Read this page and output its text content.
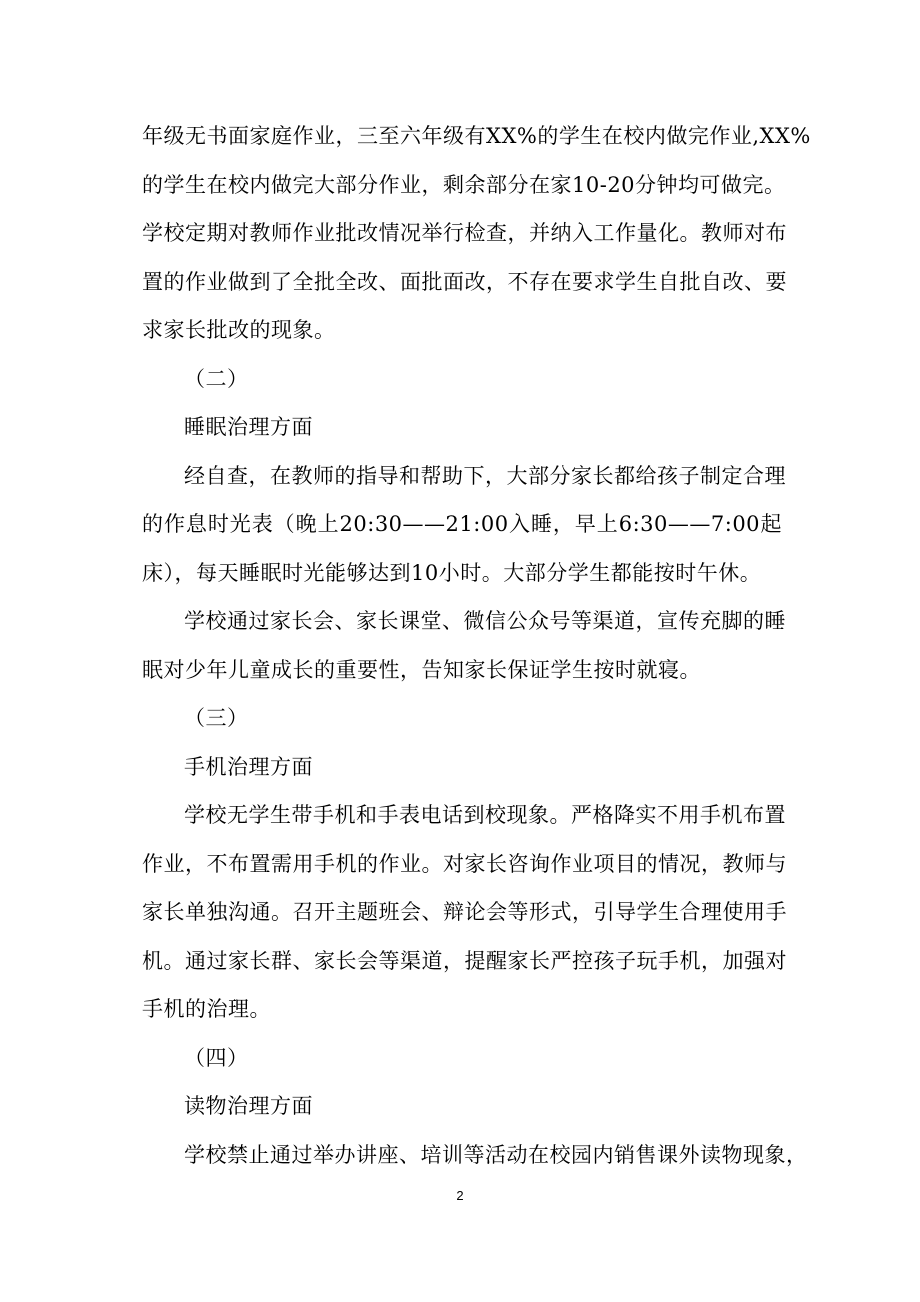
年级无书面家庭作业，三至六年级有XX%的学生在校内做完作业,XX%
的学生在校内做完大部分作业，剩余部分在家10-20分钟均可做完。
学校定期对教师作业批改情况举行检查，并纳入工作量化。教师对布
置的作业做到了全批全改、面批面改，不存在要求学生自批自改、要
求家长批改的现象。
（二）
睡眠治理方面
经自查，在教师的指导和帮助下，大部分家长都给孩子制定合理
的作息时光表（晚上20:30——21:00入睡，早上6:30——7:00起
床），每天睡眠时光能够达到10小时。大部分学生都能按时午休。
学校通过家长会、家长课堂、微信公众号等渠道，宣传充脚的睡
眠对少年儿童成长的重要性，告知家长保证学生按时就寝。
（三）
手机治理方面
学校无学生带手机和手表电话到校现象。严格降实不用手机布置
作业，不布置需用手机的作业。对家长咨询作业项目的情况，教师与
家长单独沟通。召开主题班会、辩论会等形式，引导学生合理使用手
机。通过家长群、家长会等渠道，提醒家长严控孩子玩手机，加强对
手机的治理。
（四）
读物治理方面
学校禁止通过举办讲座、培训等活动在校园内销售课外读物现象，
2
